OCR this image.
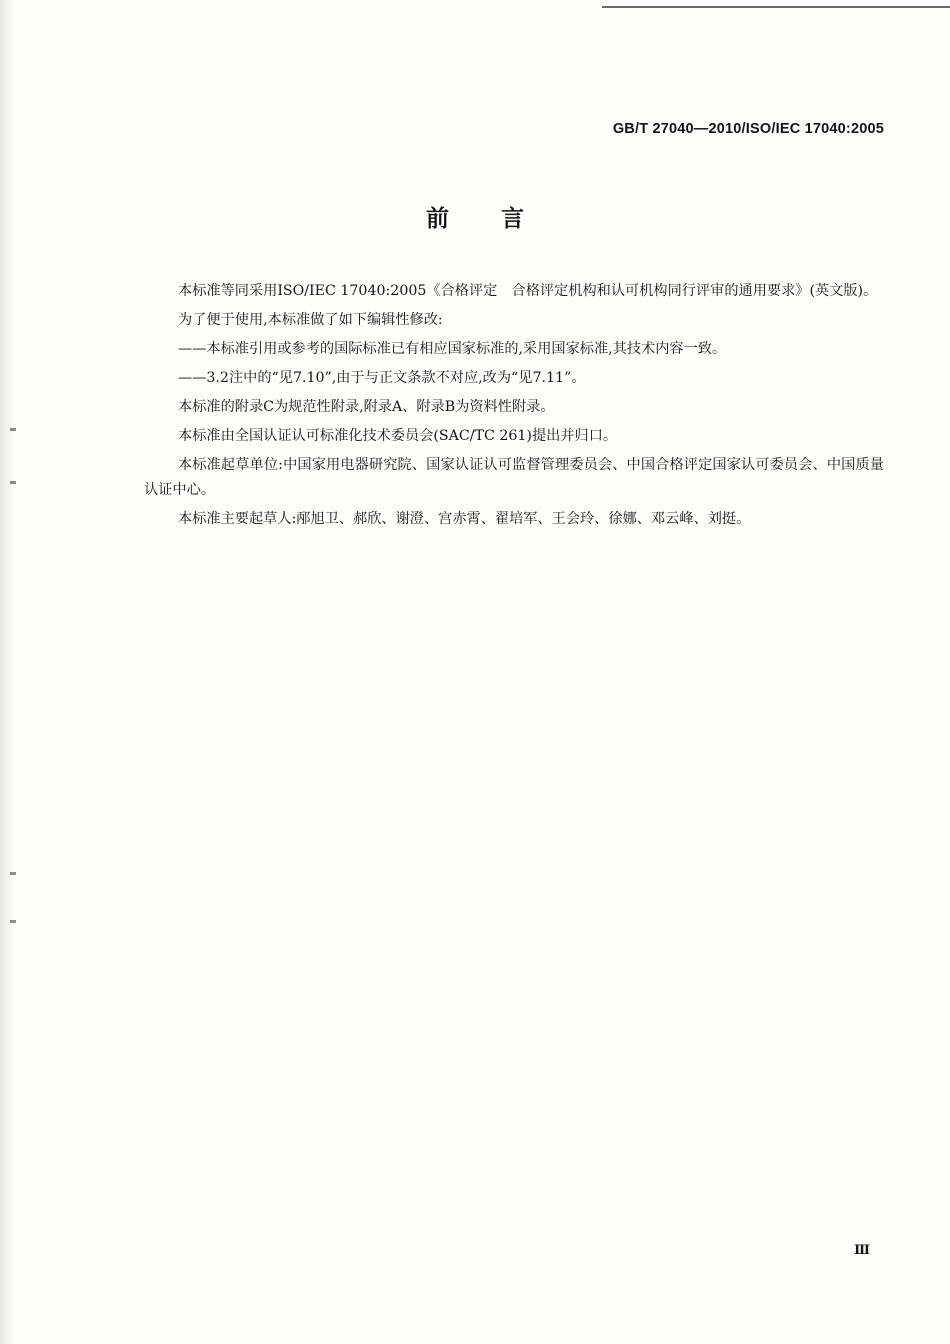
GB/T 27040—2010/ISO/IEC 17040:2005
前 言

本标准等同采用ISO/IEC 17040:2005《合格评定　合格评定机构和认可机构同行评审的通用要求》(英文版)。

为了便于使用,本标准做了如下编辑性修改:

——本标准引用或参考的国际标准已有相应国家标准的,采用国家标准,其技术内容一致。

——3.2注中的“见7.10”,由于与正文条款不对应,改为“见7.11”。

本标准的附录C为规范性附录,附录A、附录B为资料性附录。

本标准由全国认证认可标准化技术委员会(SAC/TC 261)提出并归口。

本标准起草单位:中国家用电器研究院、国家认证认可监督管理委员会、中国合格评定国家认可委员会、中国质量认证中心。

本标准主要起草人:邴旭卫、郝欣、谢澄、宫赤霄、翟培军、王会玲、徐娜、邓云峰、刘挺。

Ⅲ
